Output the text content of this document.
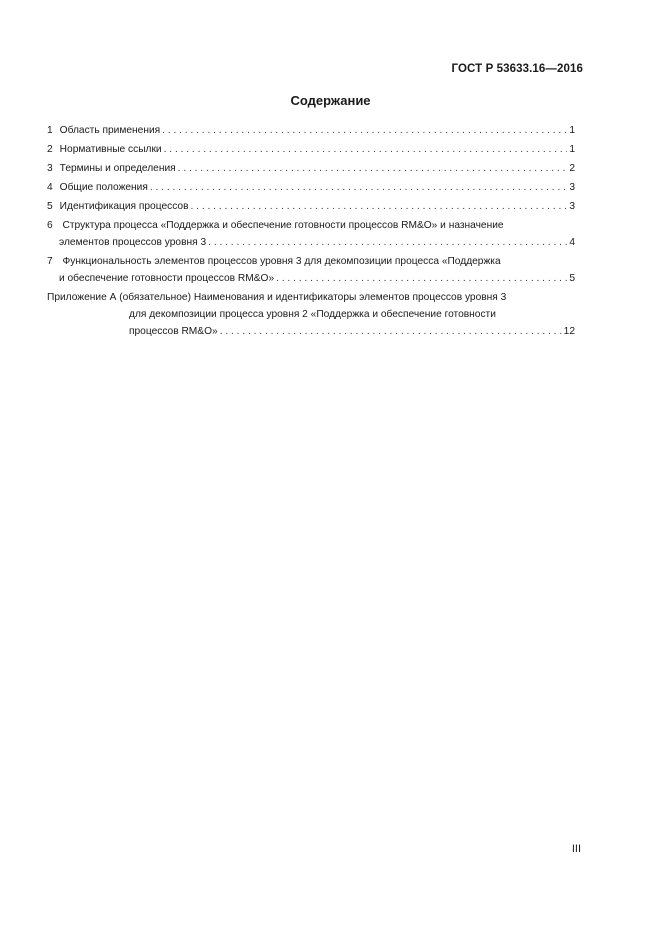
ГОСТ Р 53633.16—2016
Содержание
1 Область применения . . .	1
2 Нормативные ссылки . . .	1
3 Термины и определения . . .	2
4 Общие положения . . .	3
5 Идентификация процессов . . .	3
6 Структура процесса «Поддержка и обеспечение готовности процессов RM&O» и назначение
элементов процессов уровня 3 . . .	4
7 Функциональность элементов процессов уровня 3 для декомпозиции процесса «Поддержка
и обеспечение готовности процессов RM&O» . . .	5
Приложение А (обязательное) Наименования и идентификаторы элементов процессов уровня 3
для декомпозиции процесса уровня 2 «Поддержка и обеспечение готовности
процессов RM&O» . . .	12
III
